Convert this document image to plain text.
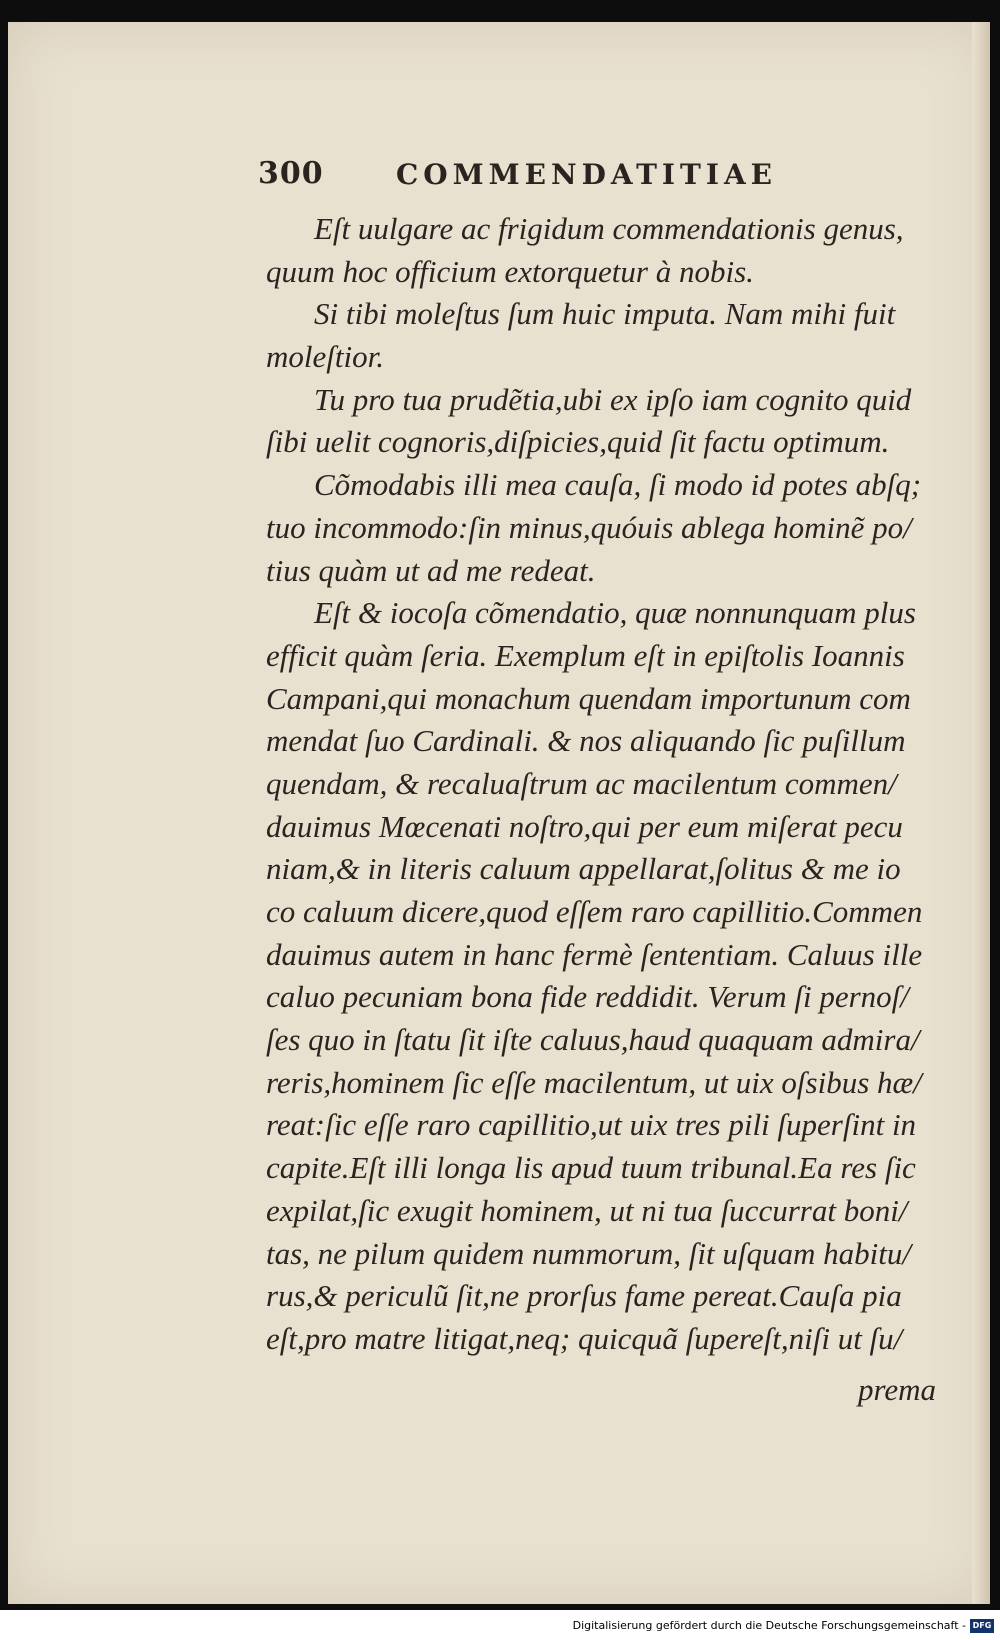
300	COMMENDATITIAE
Eſt uulgare ac frigidum commendationis genus,
quum hoc officium extorquetur à nobis.
Si tibi moleſtus ſum huic imputa. Nam mihi fuit
moleſtior.
Tu pro tua prudẽtia,ubi ex ipſo iam cognito quid
ſibi uelit cognoris,diſpicies,quid ſit factu optimum.
Cõmodabis illi mea cauſa, ſi modo id potes abſq;
tuo incommodo:ſin minus,quóuis ablega hominẽ po/
tius quàm ut ad me redeat.
Eſt & iocoſa cõmendatio, quæ nonnunquam plus
efficit quàm ſeria. Exemplum eſt in epiſtolis Ioannis
Campani,qui monachum quendam importunum com
mendat ſuo Cardinali. & nos aliquando ſic puſillum
quendam, & recaluaſtrum ac macilentum commen/
dauimus Mœcenati noſtro,qui per eum miſerat pecu
niam,& in literis caluum appellarat,ſolitus & me io
co caluum dicere,quod eſſem raro capillitio.Commen
dauimus autem in hanc fermè ſententiam. Caluus ille
caluo pecuniam bona fide reddidit. Verum ſi pernoſ/
ſes quo in ſtatu ſit iſte caluus,haud quaquam admira/
reris,hominem ſic eſſe macilentum, ut uix oſsibus hæ/
reat:ſic eſſe raro capillitio,ut uix tres pili ſuperſint in
capite.Eſt illi longa lis apud tuum tribunal.Ea res ſic
expilat,ſic exugit hominem, ut ni tua ſuccurrat boni/
tas, ne pilum quidem nummorum, ſit uſquam habitu/
rus,& periculũ ſit,ne prorſus fame pereat.Cauſa pia
eſt,pro matre litigat,neq; quicquã ſupereſt,niſi ut ſu/
prema
Digitalisierung gefördert durch die Deutsche Forschungsgemeinschaft - DFG
